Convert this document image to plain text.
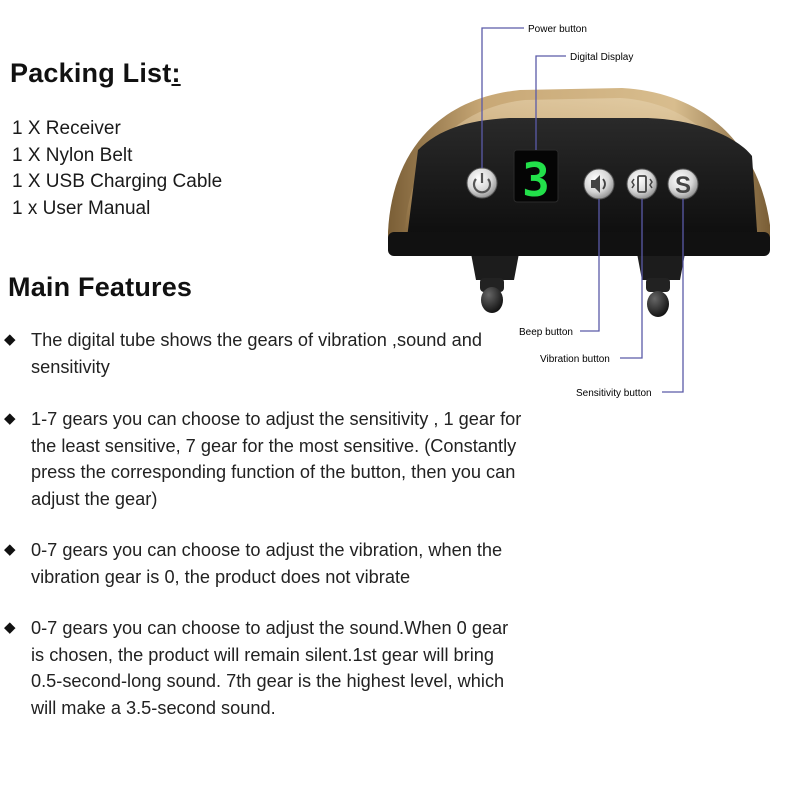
Packing List:
1 X Receiver
1 X Nylon Belt
1 X USB Charging Cable
1 x User Manual
Main Features
◆ The digital tube shows the gears of vibration ,sound and
sensitivity
◆ 1-7 gears you can choose to adjust the sensitivity , 1 gear for
the least sensitive, 7 gear for the most sensitive. (Constantly
press the corresponding function of the button, then you can
adjust the gear)
◆ 0-7 gears you can choose to adjust the vibration, when the
vibration gear is 0, the product does not vibrate
◆ 0-7 gears you can choose to adjust the sound.When 0 gear
is chosen, the product will remain silent.1st gear will bring
0.5-second-long sound. 7th gear is the highest level, which
will make a 3.5-second sound.
3	S
Power button
Digital Display
Beep button
Vibration button
Sensitivity button
